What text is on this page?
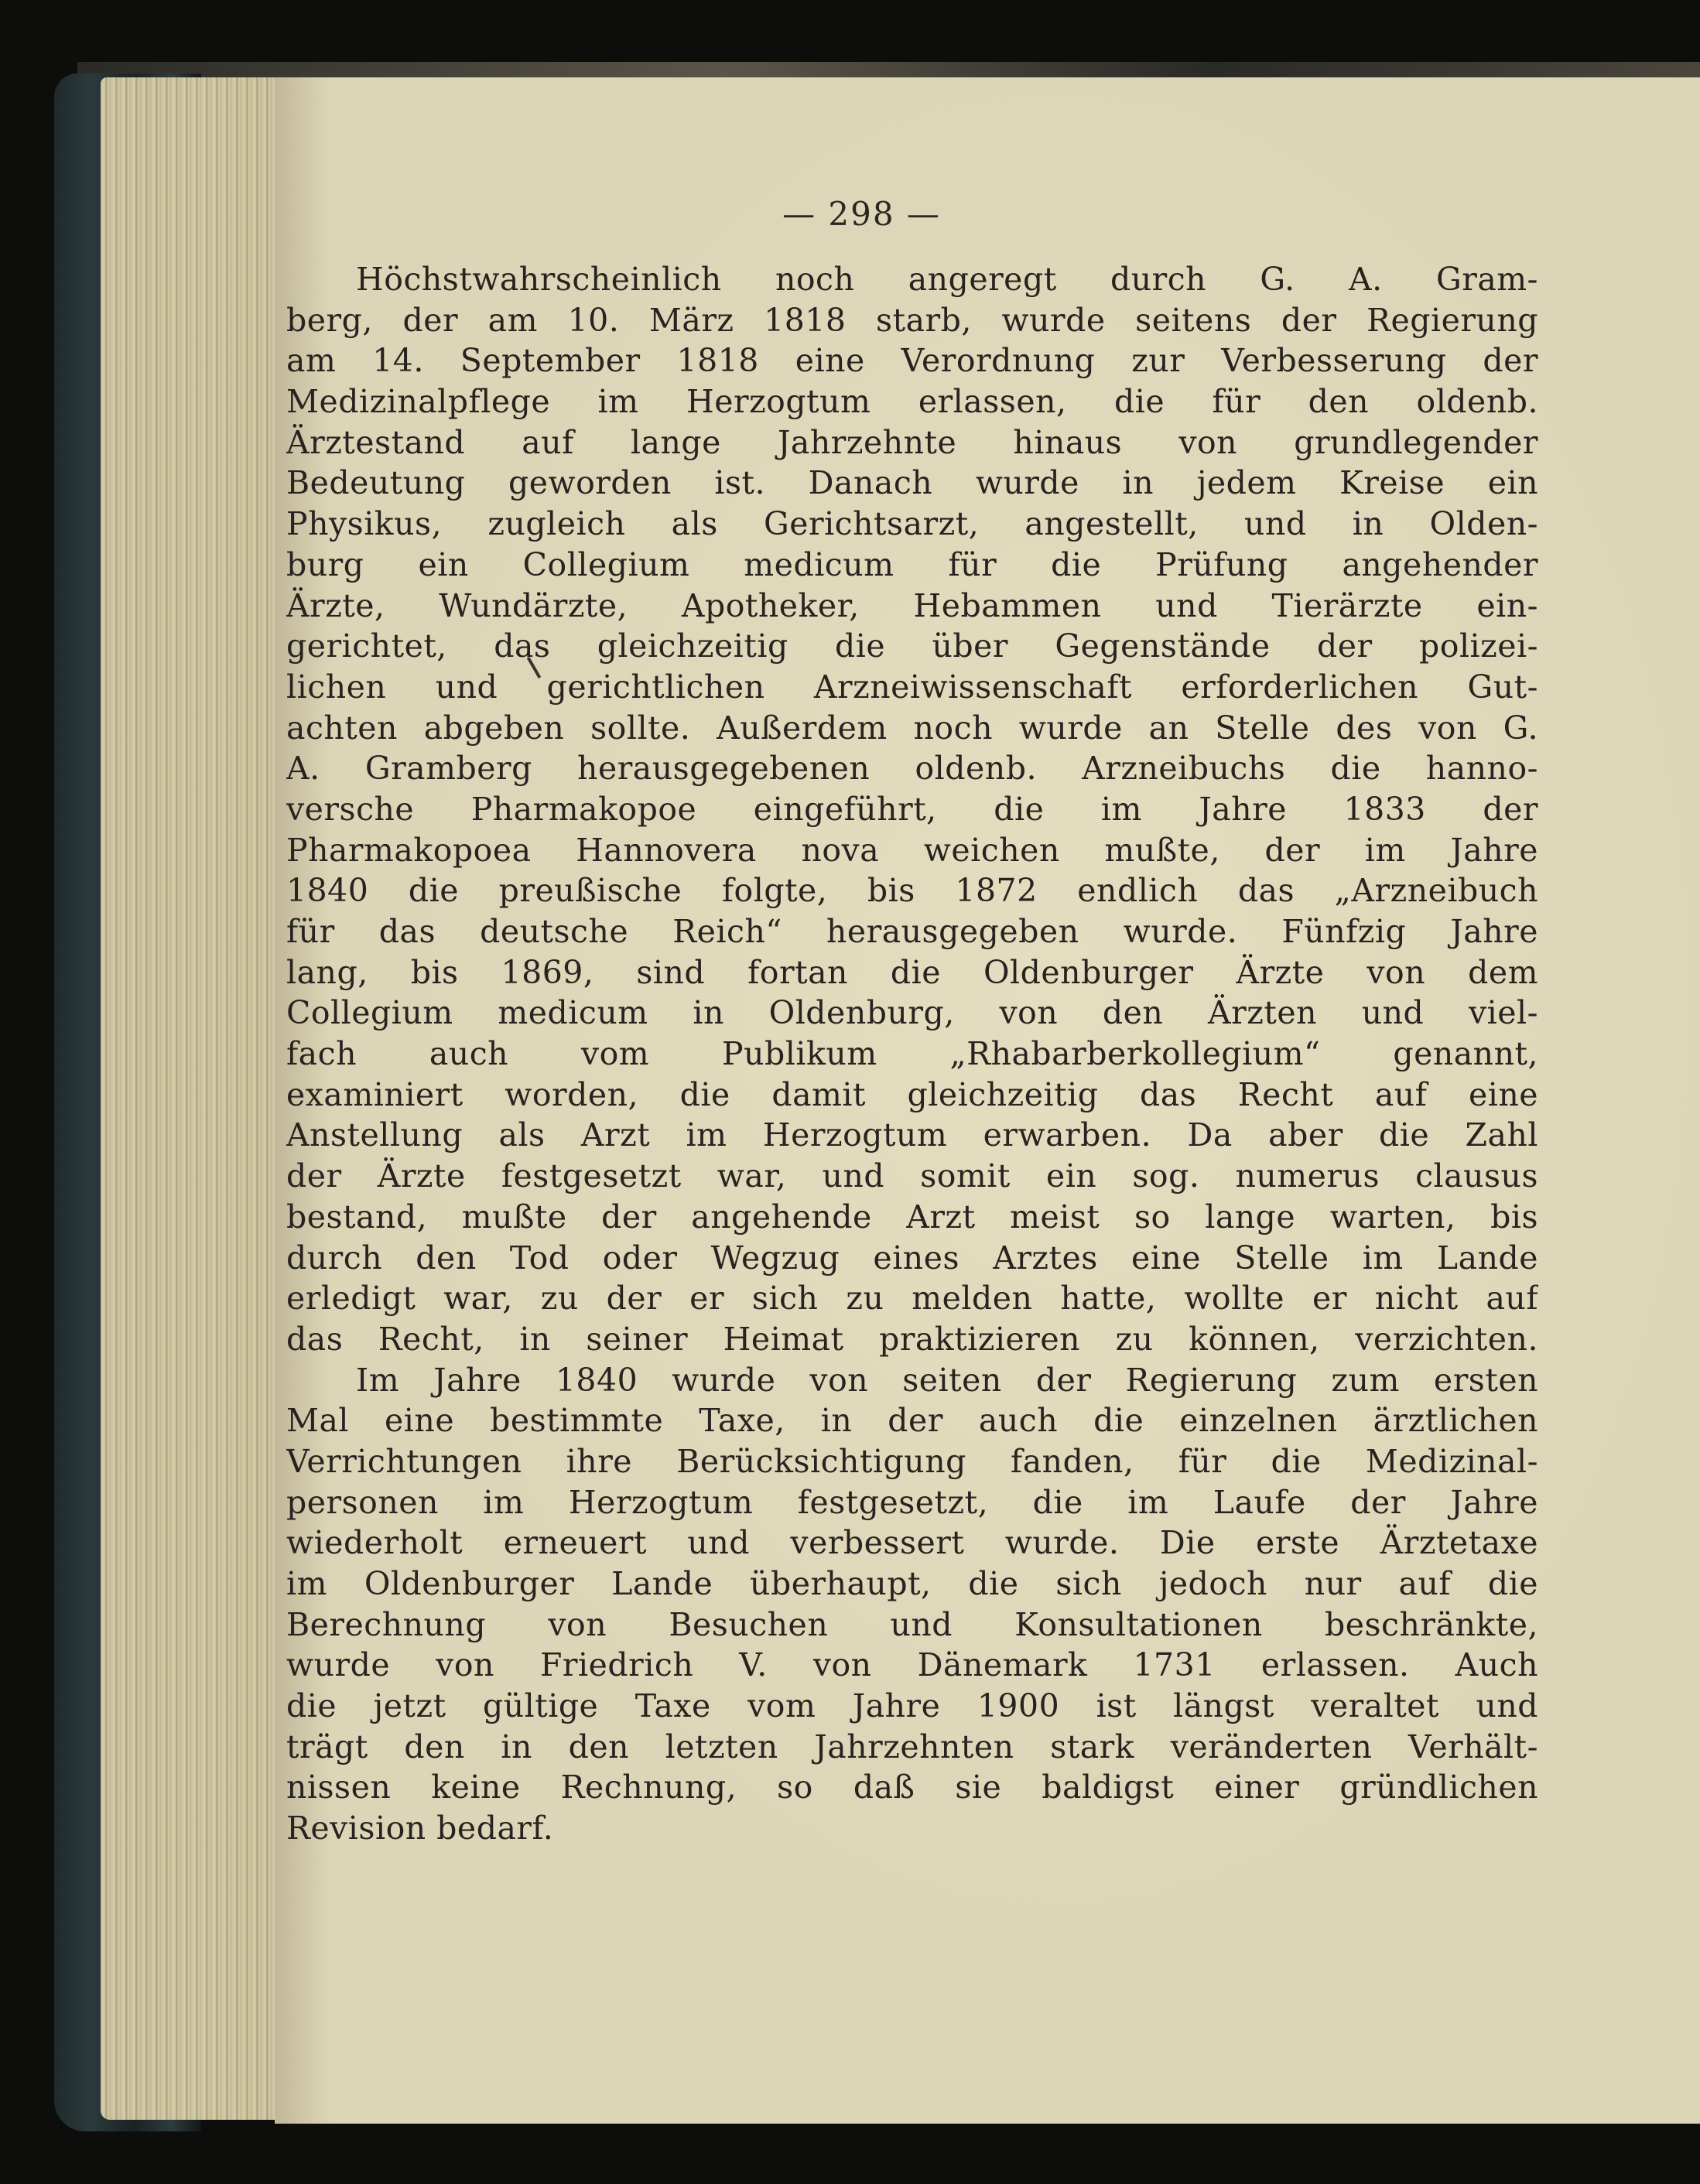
— 298 —
Höchstwahrscheinlich noch angeregt durch G. A. Gram-
berg, der am 10. März 1818 starb, wurde seitens der Regierung
am 14. September 1818 eine Verordnung zur Verbesserung der
Medizinalpflege im Herzogtum erlassen, die für den oldenb.
Ärztestand auf lange Jahrzehnte hinaus von grundlegender
Bedeutung geworden ist. Danach wurde in jedem Kreise ein
Physikus, zugleich als Gerichtsarzt, angestellt, und in Olden-
burg ein Collegium medicum für die Prüfung angehender
Ärzte, Wundärzte, Apotheker, Hebammen und Tierärzte ein-
gerichtet, das gleichzeitig die über Gegenstände der polizei-
lichen und gerichtlichen Arzneiwissenschaft erforderlichen Gut-
achten abgeben sollte. Außerdem noch wurde an Stelle des von G.
A. Gramberg herausgegebenen oldenb. Arzneibuchs die hanno-
versche Pharmakopoe eingeführt, die im Jahre 1833 der
Pharmakopoea Hannovera nova weichen mußte, der im Jahre
1840 die preußische folgte, bis 1872 endlich das „Arzneibuch
für das deutsche Reich“ herausgegeben wurde. Fünfzig Jahre
lang, bis 1869, sind fortan die Oldenburger Ärzte von dem
Collegium medicum in Oldenburg, von den Ärzten und viel-
fach auch vom Publikum „Rhabarberkollegium“ genannt,
examiniert worden, die damit gleichzeitig das Recht auf eine
Anstellung als Arzt im Herzogtum erwarben. Da aber die Zahl
der Ärzte festgesetzt war, und somit ein sog. numerus clausus
bestand, mußte der angehende Arzt meist so lange warten, bis
durch den Tod oder Wegzug eines Arztes eine Stelle im Lande
erledigt war, zu der er sich zu melden hatte, wollte er nicht auf
das Recht, in seiner Heimat praktizieren zu können, verzichten.
Im Jahre 1840 wurde von seiten der Regierung zum ersten
Mal eine bestimmte Taxe, in der auch die einzelnen ärztlichen
Verrichtungen ihre Berücksichtigung fanden, für die Medizinal-
personen im Herzogtum festgesetzt, die im Laufe der Jahre
wiederholt erneuert und verbessert wurde. Die erste Ärztetaxe
im Oldenburger Lande überhaupt, die sich jedoch nur auf die
Berechnung von Besuchen und Konsultationen beschränkte,
wurde von Friedrich V. von Dänemark 1731 erlassen. Auch
die jetzt gültige Taxe vom Jahre 1900 ist längst veraltet und
trägt den in den letzten Jahrzehnten stark veränderten Verhält-
nissen keine Rechnung, so daß sie baldigst einer gründlichen
Revision bedarf.
